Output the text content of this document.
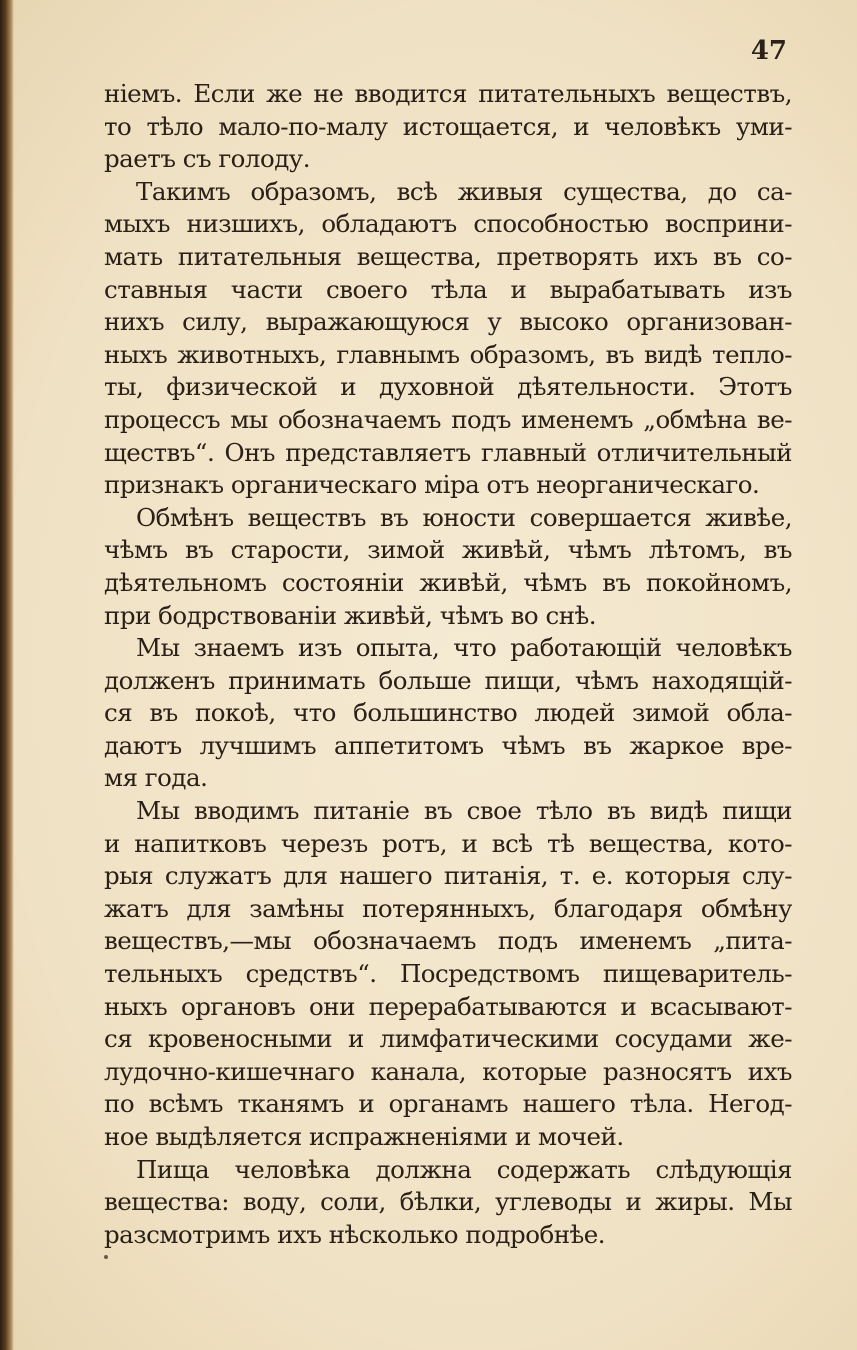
47
ніемъ. Если же не вводится питательныхъ веществъ,
то тѣло мало-по-малу истощается, и человѣкъ уми-
раетъ съ голоду.
Такимъ образомъ, всѣ живыя существа, до са-
мыхъ низшихъ, обладаютъ способностью восприни-
мать питательныя вещества, претворять ихъ въ со-
ставныя части своего тѣла и вырабатывать изъ
нихъ силу, выражающуюся у высоко организован-
ныхъ животныхъ, главнымъ образомъ, въ видѣ тепло-
ты, физической и духовной дѣятельности. Этотъ
процессъ мы обозначаемъ подъ именемъ „обмѣна ве-
ществъ“. Онъ представляетъ главный отличительный
признакъ органическаго міра отъ неорганическаго.
Обмѣнъ веществъ въ юности совершается живѣе,
чѣмъ въ старости, зимой живѣй, чѣмъ лѣтомъ, въ
дѣятельномъ состояніи живѣй, чѣмъ въ покойномъ,
при бодрствованіи живѣй, чѣмъ во снѣ.
Мы знаемъ изъ опыта, что работающій человѣкъ
долженъ принимать больше пищи, чѣмъ находящій-
ся въ покоѣ, что большинство людей зимой обла-
даютъ лучшимъ аппетитомъ чѣмъ въ жаркое вре-
мя года.
Мы вводимъ питаніе въ свое тѣло въ видѣ пищи
и напитковъ черезъ ротъ, и всѣ тѣ вещества, кото-
рыя служатъ для нашего питанія, т. е. которыя слу-
жатъ для замѣны потерянныхъ, благодаря обмѣну
веществъ,—мы обозначаемъ подъ именемъ „пита-
тельныхъ средствъ“. Посредствомъ пищеваритель-
ныхъ органовъ они перерабатываются и всасывают-
ся кровеносными и лимфатическими сосудами же-
лудочно-кишечнаго канала, которые разносятъ ихъ
по всѣмъ тканямъ и органамъ нашего тѣла. Негод-
ное выдѣляется испражненіями и мочей.
Пища человѣка должна содержать слѣдующія
вещества: воду, соли, бѣлки, углеводы и жиры. Мы
разсмотримъ ихъ нѣсколько подробнѣе.
